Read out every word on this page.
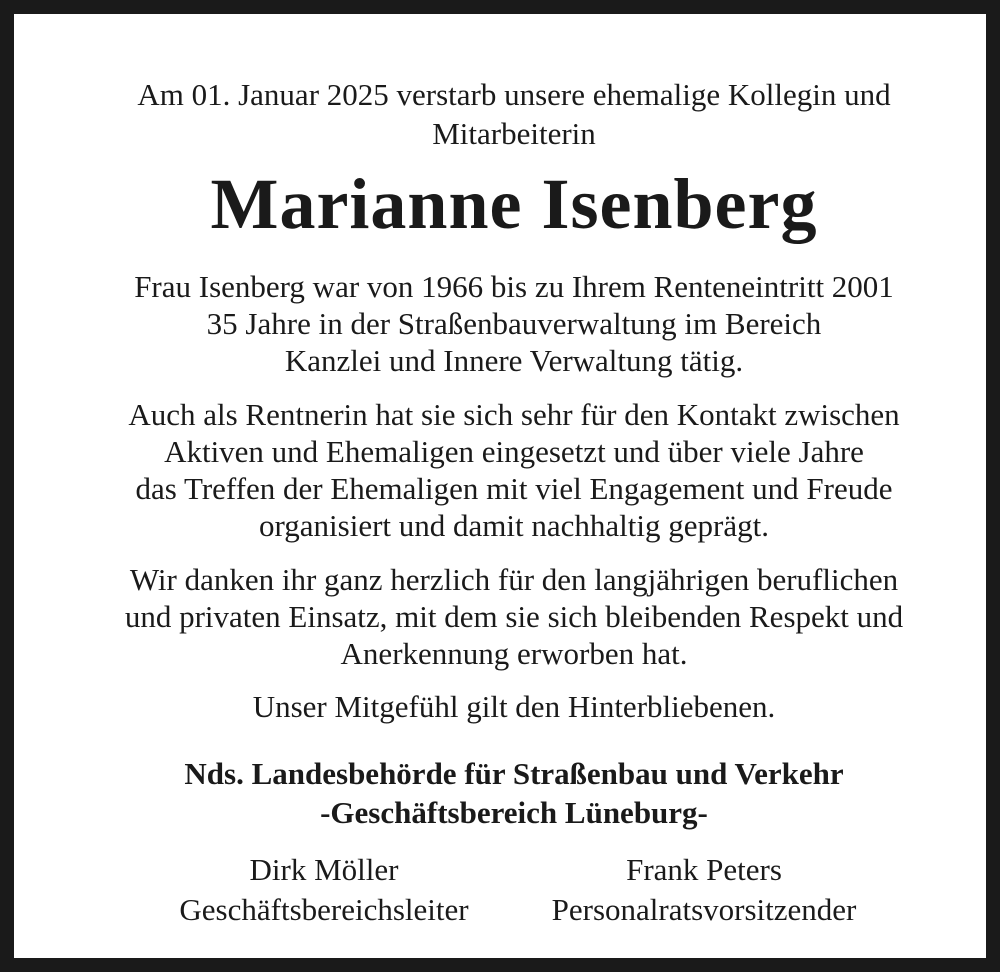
Am 01. Januar 2025 verstarb unsere ehemalige Kollegin und
Mitarbeiterin
Marianne Isenberg
Frau Isenberg war von 1966 bis zu Ihrem Renteneintritt 2001
35 Jahre in der Straßenbauverwaltung im Bereich
Kanzlei und Innere Verwaltung tätig.
Auch als Rentnerin hat sie sich sehr für den Kontakt zwischen
Aktiven und Ehemaligen eingesetzt und über viele Jahre
das Treffen der Ehemaligen mit viel Engagement und Freude
organisiert und damit nachhaltig geprägt.
Wir danken ihr ganz herzlich für den langjährigen beruflichen
und privaten Einsatz, mit dem sie sich bleibenden Respekt und
Anerkennung erworben hat.
Unser Mitgefühl gilt den Hinterbliebenen.
Nds. Landesbehörde für Straßenbau und Verkehr
-Geschäftsbereich Lüneburg-
Dirk Möller	Frank Peters
Geschäftsbereichsleiter	Personalratsvorsitzender
